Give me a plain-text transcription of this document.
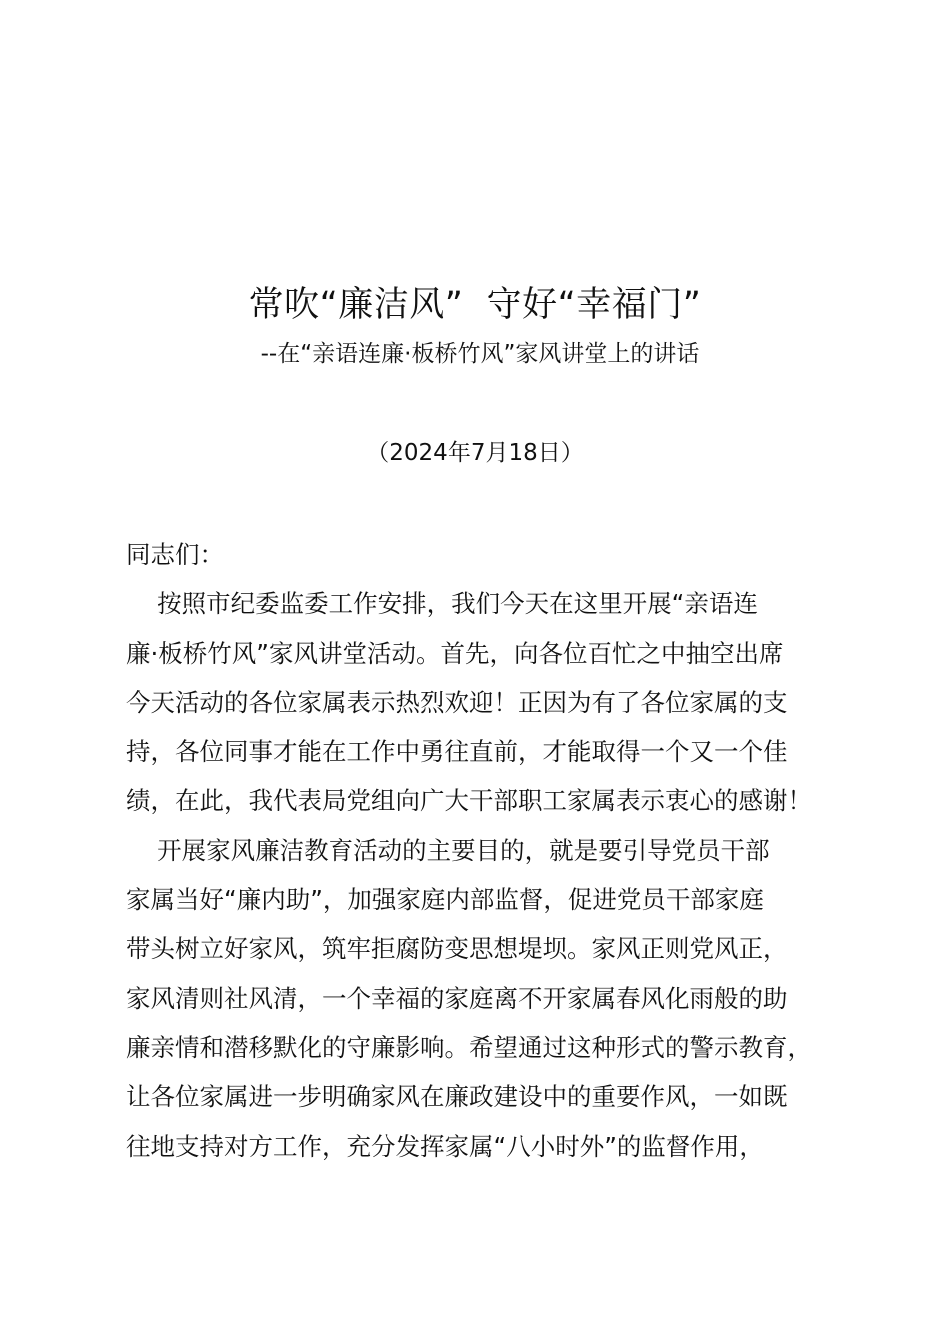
常吹“廉洁风”  守好“幸福门”
--在“亲语连廉·板桥竹风”家风讲堂上的讲话
（2024年7月18日）
同志们：
按照市纪委监委工作安排，我们今天在这里开展“亲语连
廉·板桥竹风”家风讲堂活动。首先，向各位百忙之中抽空出席
今天活动的各位家属表示热烈欢迎！正因为有了各位家属的支
持，各位同事才能在工作中勇往直前，才能取得一个又一个佳
绩，在此，我代表局党组向广大干部职工家属表示衷心的感谢！
开展家风廉洁教育活动的主要目的，就是要引导党员干部
家属当好“廉内助”，加强家庭内部监督，促进党员干部家庭
带头树立好家风，筑牢拒腐防变思想堤坝。家风正则党风正，
家风清则社风清，一个幸福的家庭离不开家属春风化雨般的助
廉亲情和潜移默化的守廉影响。希望通过这种形式的警示教育，
让各位家属进一步明确家风在廉政建设中的重要作风，一如既
往地支持对方工作，充分发挥家属“八小时外”的监督作用，
